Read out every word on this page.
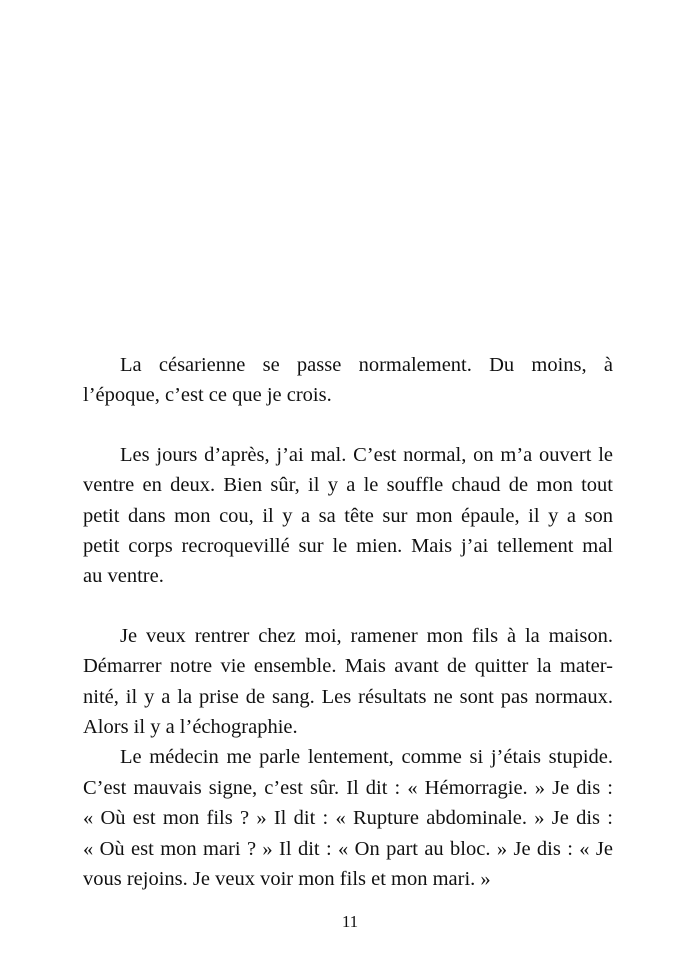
La césarienne se passe normalement. Du moins, à
l’époque, c’est ce que je crois.
Les jours d’après, j’ai mal. C’est normal, on m’a ouvert le
ventre en deux. Bien sûr, il y a le souffle chaud de mon tout
petit dans mon cou, il y a sa tête sur mon épaule, il y a son
petit corps recroquevillé sur le mien. Mais j’ai tellement mal
au ventre.
Je veux rentrer chez moi, ramener mon fils à la maison.
Démarrer notre vie ensemble. Mais avant de quitter la mater-
nité, il y a la prise de sang. Les résultats ne sont pas normaux.
Alors il y a l’échographie.
Le médecin me parle lentement, comme si j’étais stupide.
C’est mauvais signe, c’est sûr. Il dit : « Hémorragie. » Je dis :
« Où est mon fils ? » Il dit : « Rupture abdominale. » Je dis :
« Où est mon mari ? » Il dit : « On part au bloc. » Je dis : « Je
vous rejoins. Je veux voir mon fils et mon mari. »
11
